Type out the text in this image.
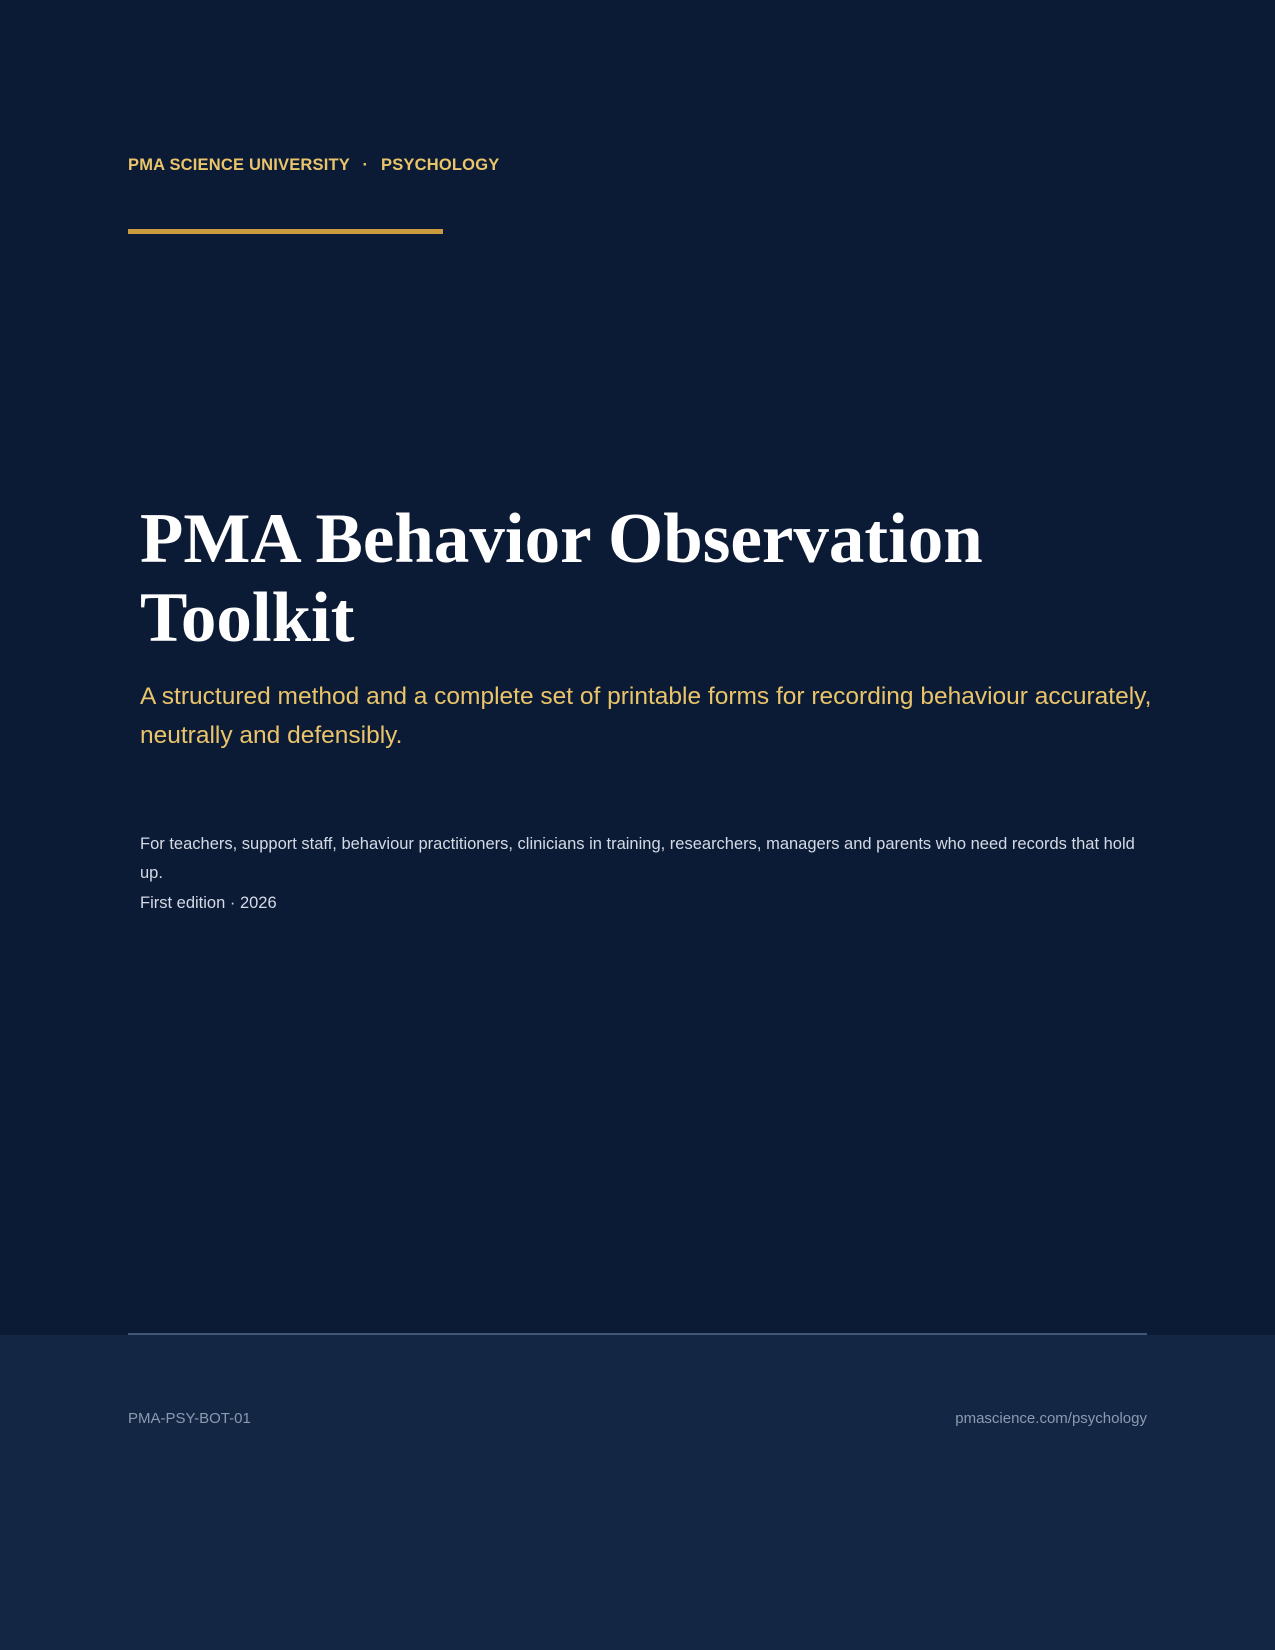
PMA SCIENCE UNIVERSITY · PSYCHOLOGY
PMA Behavior Observation Toolkit

A structured method and a complete set of printable forms for recording behaviour accurately, neutrally and defensibly.

For teachers, support staff, behaviour practitioners, clinicians in training, researchers, managers and parents who need records that hold up.

First edition · 2026

PMA-PSY-BOT-01	pmascience.com/psychology
